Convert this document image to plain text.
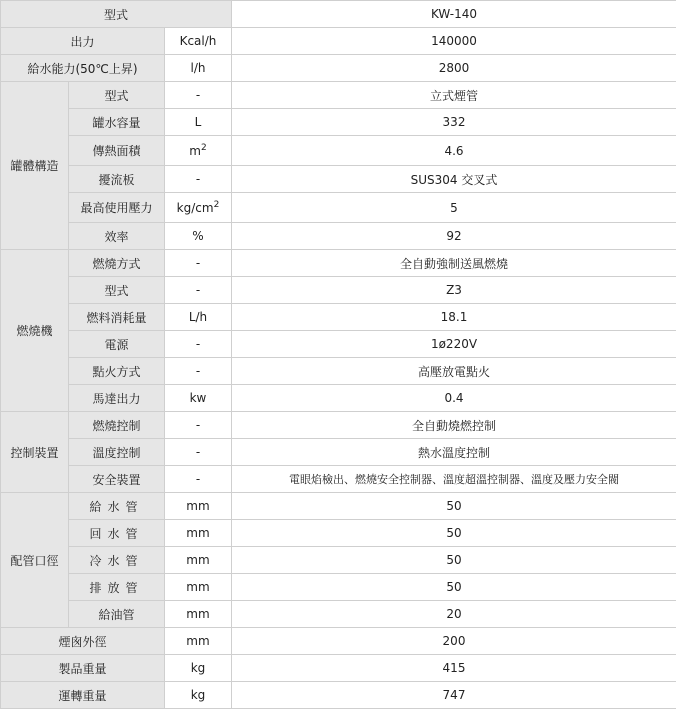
型式			KW-140
出力		Kcal/h	140000
給水能力(50℃上昇)		l/h	2800
罐體構造	型式	-	立式煙管
	罐水容量	L	332
	傳熱面積	$m^2$	4.6
	擾流板	-	SUS304 交叉式
	最高使用壓力	$kg/cm^2$	5
	效率	%	92
燃燒機	燃燒方式	-	全自動強制送風燃燒
	型式	-	Z3
	燃料消耗量	L/h	18.1
	電源	-	1ø220V
	點火方式	-	高壓放電點火
	馬達出力	kw	0.4
控制裝置	燃燒控制	-	全自動燒燃控制
	溫度控制	-	熱水溫度控制
	安全裝置	-	電眼焰檢出、燃燒安全控制器、溫度超溫控制器、溫度及壓力安全閥
配管口徑	給水管	mm	50
	回水管	mm	50
	冷水管	mm	50
	排放管	mm	50
	給油管	mm	20
煙囪外徑		mm	200
製品重量		kg	415
運轉重量		kg	747
